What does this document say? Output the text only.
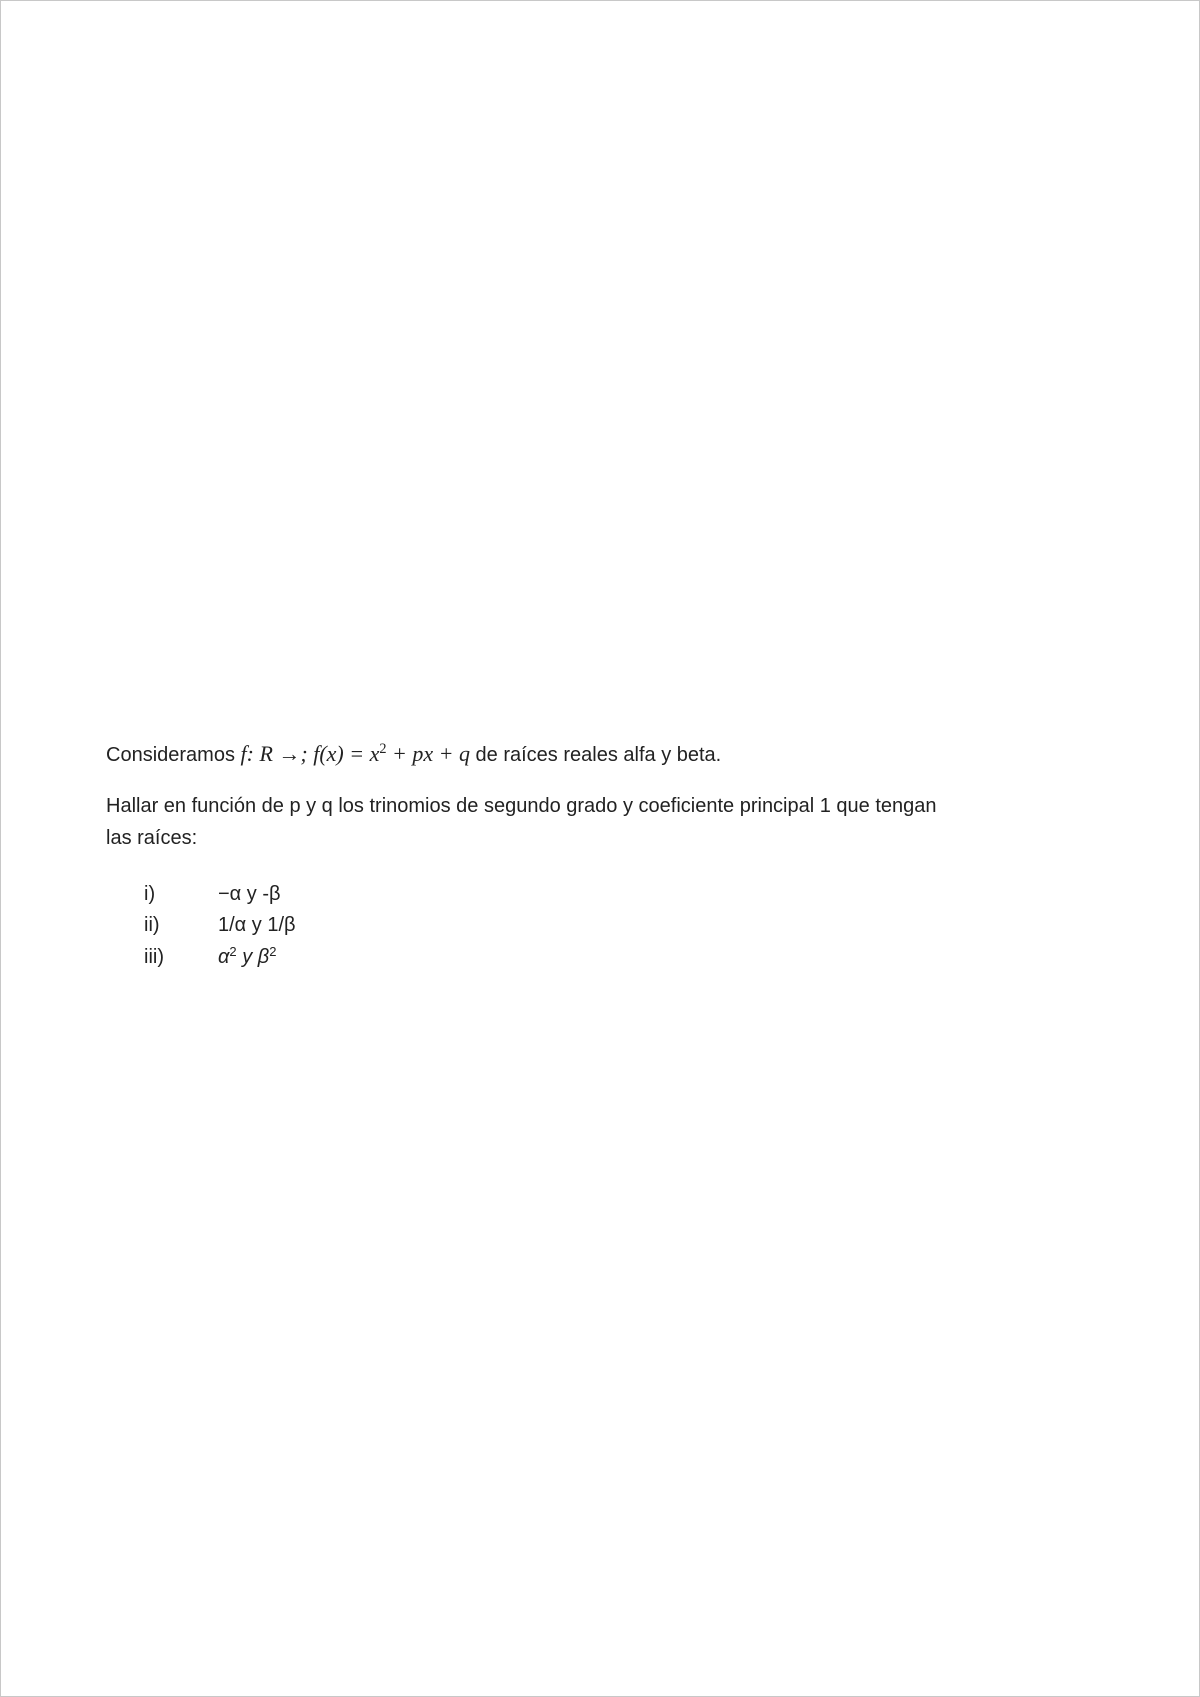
Consideramos f: R →; $f(x) = x^2$ + px + q de raíces reales alfa y beta.
Hallar en función de p y q los trinomios de segundo grado y coeficiente principal 1 que tengan
las raíces:
i)	−α y -β
ii)	1/α y 1/β
iii)	$\alpha^2$ y $\beta^2$
